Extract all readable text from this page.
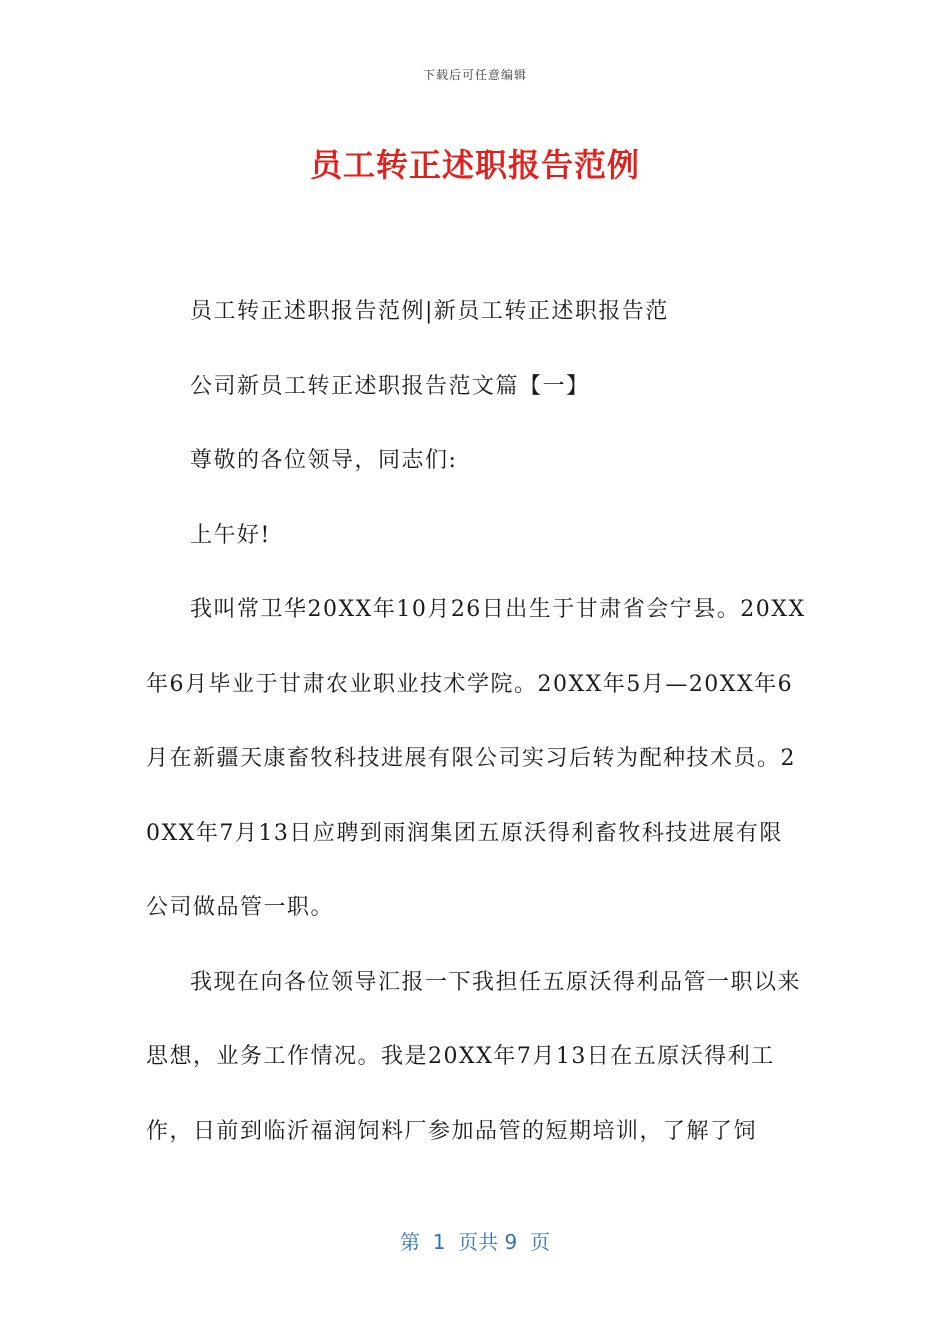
下载后可任意编辑
员工转正述职报告范例

员工转正述职报告范例|新员工转正述职报告范

公司新员工转正述职报告范文篇【一】

尊敬的各位领导，同志们:

上午好!

我叫常卫华20XX年10月26日出生于甘肃省会宁县。20XX年6月毕业于甘肃农业职业技术学院。20XX年5月—20XX年6月在新疆天康畜牧科技进展有限公司实习后转为配种技术员。20XX年7月13日应聘到雨润集团五原沃得利畜牧科技进展有限公司做品管一职。

我现在向各位领导汇报一下我担任五原沃得利品管一职以来思想，业务工作情况。我是20XX年7月13日在五原沃得利工作，日前到临沂福润饲料厂参加品管的短期培训，了解了饲

第  1  页共 9  页
